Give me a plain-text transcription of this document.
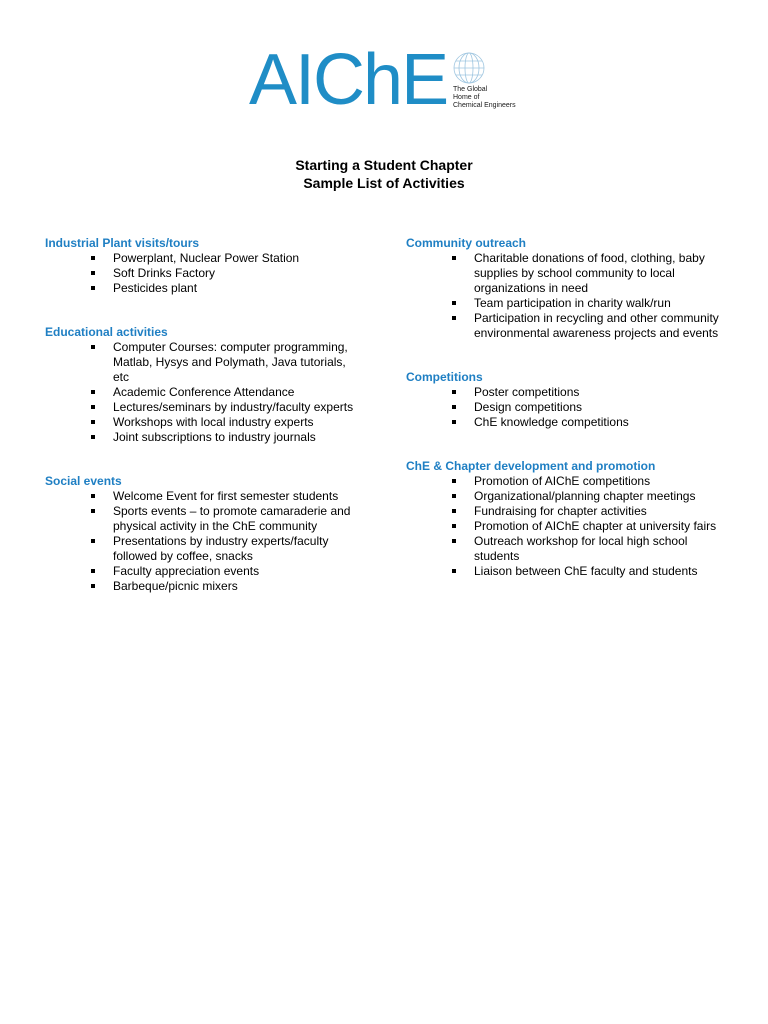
AIChE The Global
Home of
Chemical Engineers
Starting a Student Chapter
Sample List of Activities
Industrial Plant visits/tours
Powerplant, Nuclear Power Station
Soft Drinks Factory
Pesticides plant
Educational activities
Computer Courses: computer programming, Matlab, Hysys and Polymath, Java tutorials, etc
Academic Conference Attendance
Lectures/seminars by industry/faculty experts
Workshops with local industry experts
Joint subscriptions to industry journals
Social events
Welcome Event for first semester students
Sports events – to promote camaraderie and physical activity in the ChE community
Presentations by industry experts/faculty followed by coffee, snacks
Faculty appreciation events
Barbeque/picnic mixers
Community outreach
Charitable donations of food, clothing, baby supplies by school community to local organizations in need
Team participation in charity walk/run
Participation in recycling and other community environmental awareness projects and events
Competitions
Poster competitions
Design competitions
ChE knowledge competitions
ChE & Chapter development and promotion
Promotion of AIChE competitions
Organizational/planning chapter meetings
Fundraising for chapter activities
Promotion of AIChE chapter at university fairs
Outreach workshop for local high school students
Liaison between ChE faculty and students
